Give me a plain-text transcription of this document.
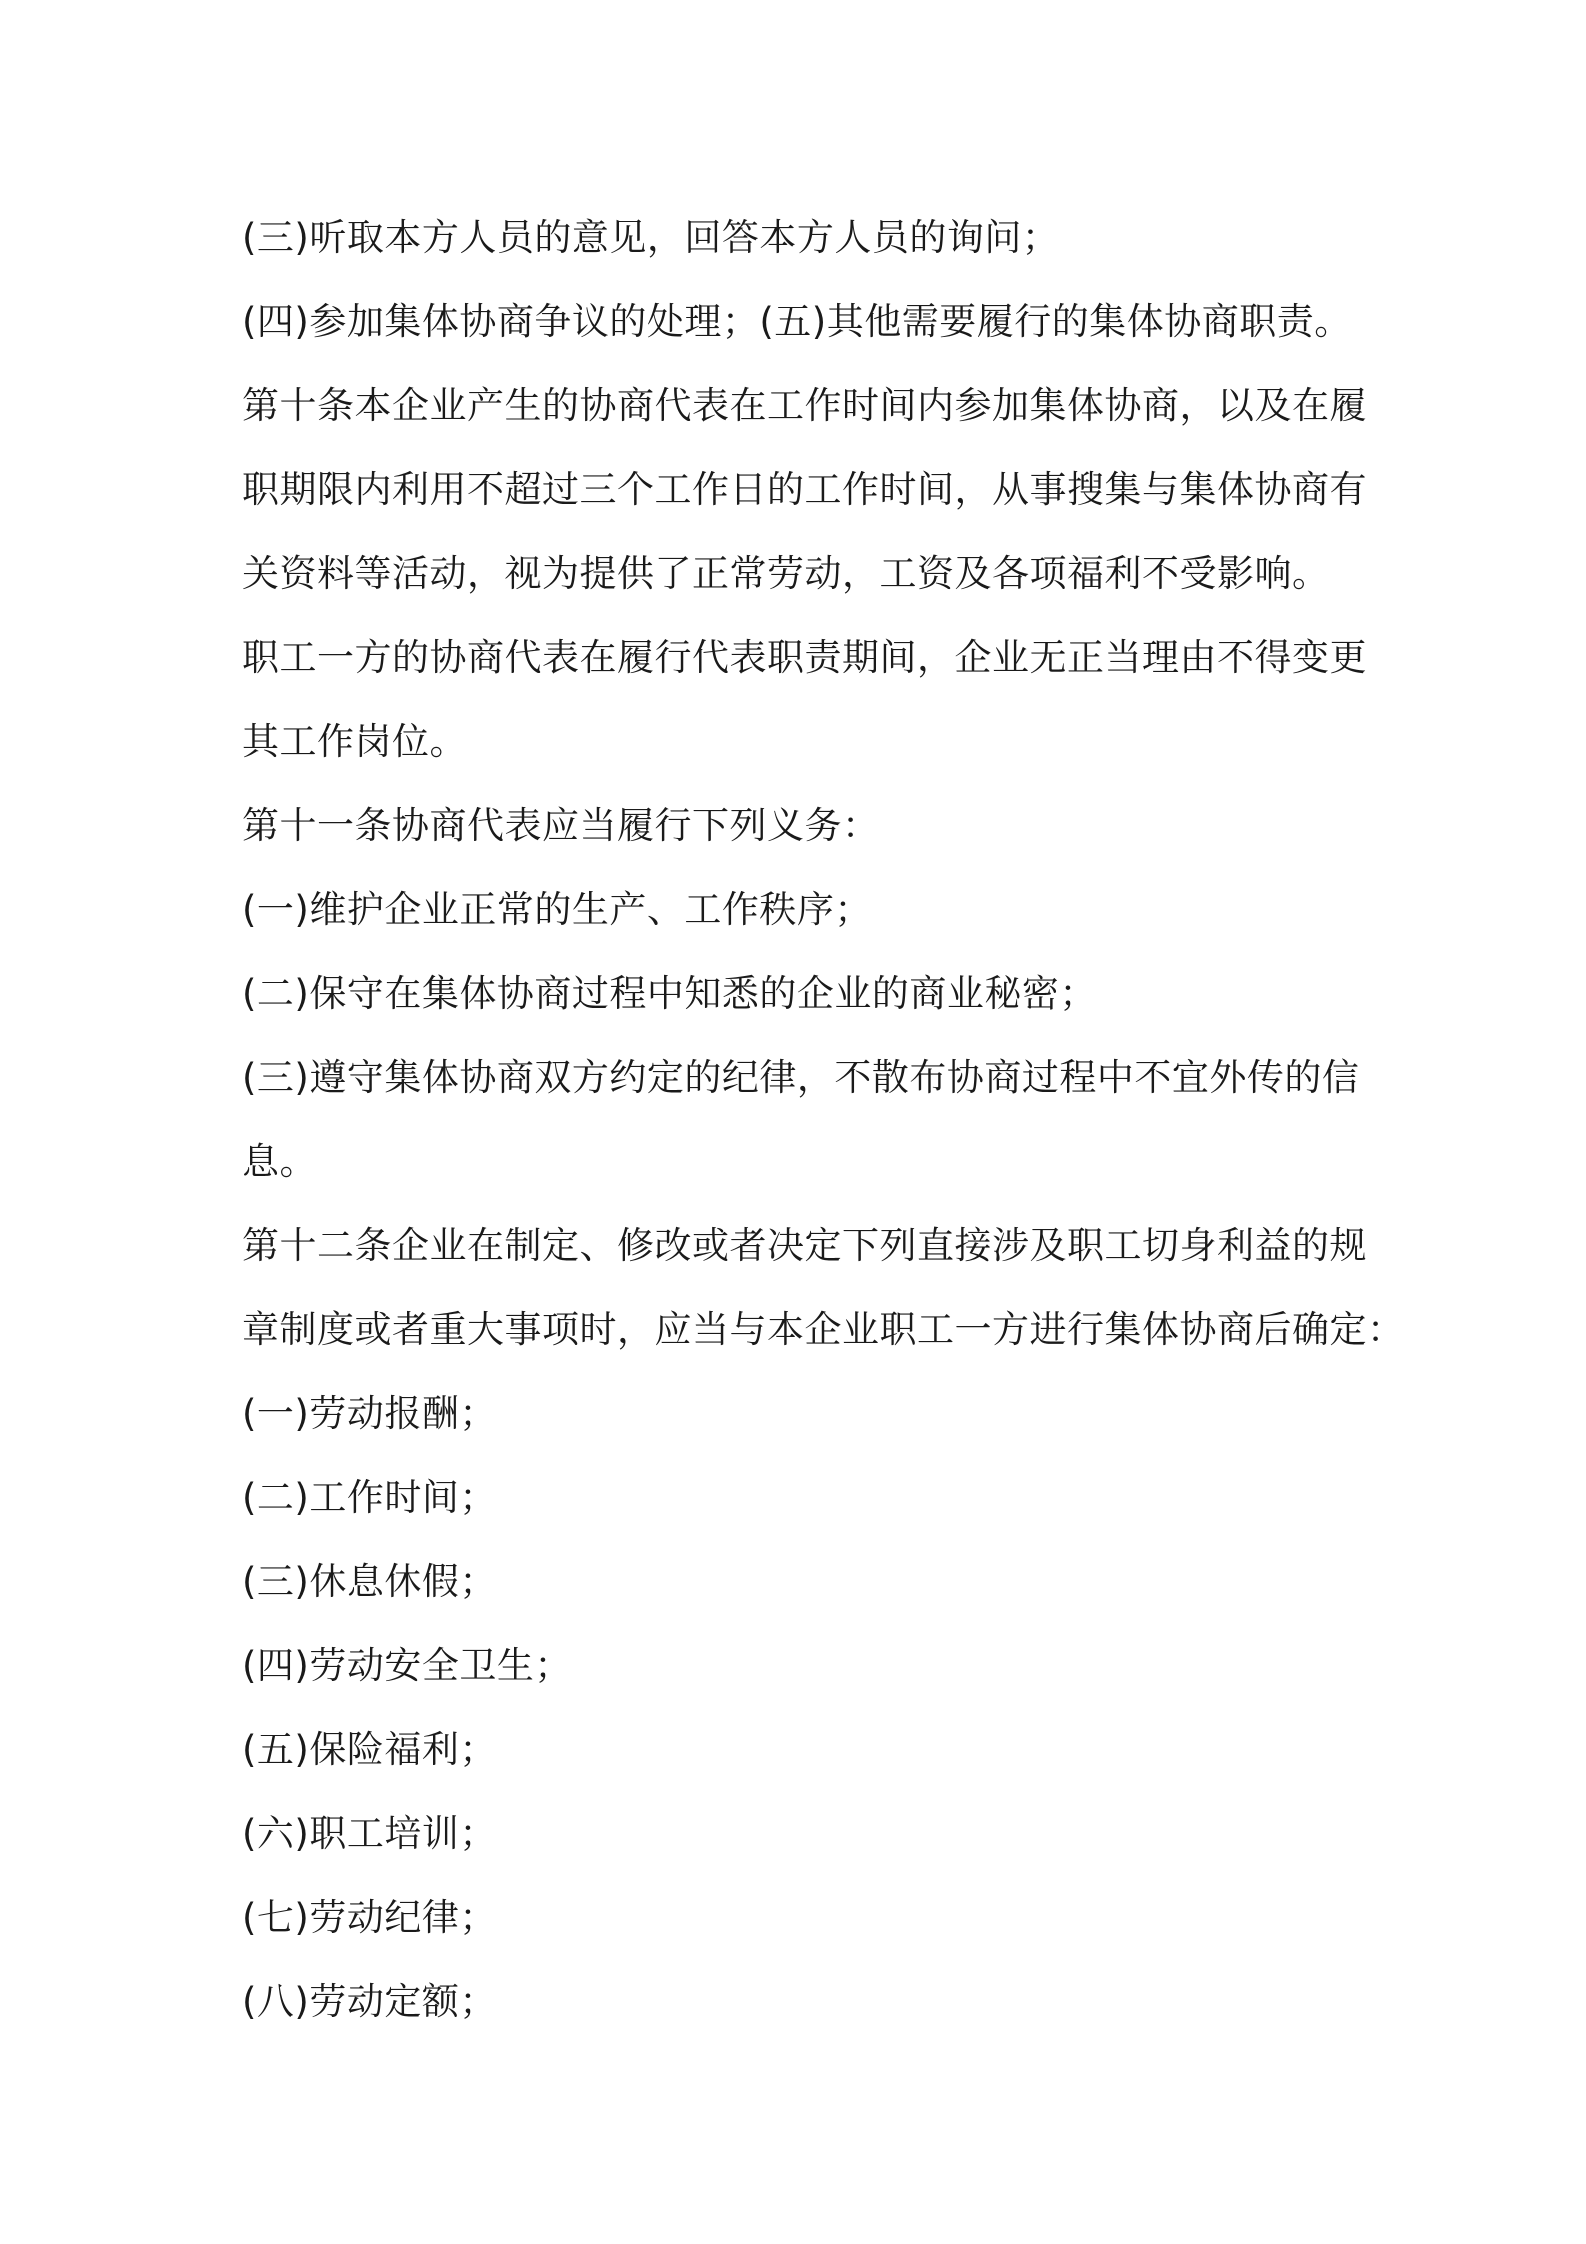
(三)听取本方人员的意见，回答本方人员的询问；
(四)参加集体协商争议的处理；(五)其他需要履行的集体协商职责。
第十条本企业产生的协商代表在工作时间内参加集体协商，以及在履
职期限内利用不超过三个工作日的工作时间，从事搜集与集体协商有
关资料等活动，视为提供了正常劳动，工资及各项福利不受影响。
职工一方的协商代表在履行代表职责期间，企业无正当理由不得变更
其工作岗位。
第十一条协商代表应当履行下列义务：
(一)维护企业正常的生产、工作秩序；
(二)保守在集体协商过程中知悉的企业的商业秘密；
(三)遵守集体协商双方约定的纪律，不散布协商过程中不宜外传的信
息。
第十二条企业在制定、修改或者决定下列直接涉及职工切身利益的规
章制度或者重大事项时，应当与本企业职工一方进行集体协商后确定：
(一)劳动报酬；
(二)工作时间；
(三)休息休假；
(四)劳动安全卫生；
(五)保险福利；
(六)职工培训；
(七)劳动纪律；
(八)劳动定额；
